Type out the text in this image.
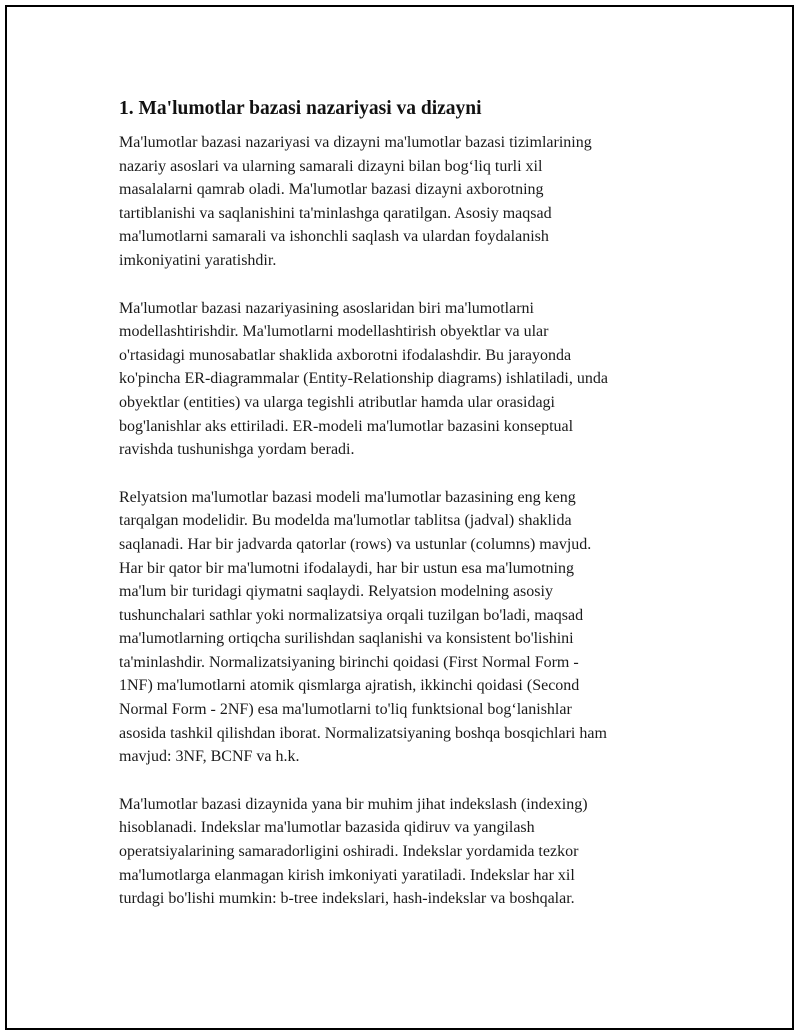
1. Ma'lumotlar bazasi nazariyasi va dizayni

Ma'lumotlar bazasi nazariyasi va dizayni ma'lumotlar bazasi tizimlarining
nazariy asoslari va ularning samarali dizayni bilan bog‘liq turli xil
masalalarni qamrab oladi. Ma'lumotlar bazasi dizayni axborotning
tartiblanishi va saqlanishini ta'minlashga qaratilgan. Asosiy maqsad
ma'lumotlarni samarali va ishonchli saqlash va ulardan foydalanish
imkoniyatini yaratishdir.

Ma'lumotlar bazasi nazariyasining asoslaridan biri ma'lumotlarni
modellashtirishdir. Ma'lumotlarni modellashtirish obyektlar va ular
o'rtasidagi munosabatlar shaklida axborotni ifodalashdir. Bu jarayonda
ko'pincha ER-diagrammalar (Entity-Relationship diagrams) ishlatiladi, unda
obyektlar (entities) va ularga tegishli atributlar hamda ular orasidagi
bog'lanishlar aks ettiriladi. ER-modeli ma'lumotlar bazasini konseptual
ravishda tushunishga yordam beradi.

Relyatsion ma'lumotlar bazasi modeli ma'lumotlar bazasining eng keng
tarqalgan modelidir. Bu modelda ma'lumotlar tablitsa (jadval) shaklida
saqlanadi. Har bir jadvarda qatorlar (rows) va ustunlar (columns) mavjud.
Har bir qator bir ma'lumotni ifodalaydi, har bir ustun esa ma'lumotning
ma'lum bir turidagi qiymatni saqlaydi. Relyatsion modelning asosiy
tushunchalari sathlar yoki normalizatsiya orqali tuzilgan bo'ladi, maqsad
ma'lumotlarning ortiqcha surilishdan saqlanishi va konsistent bo'lishini
ta'minlashdir. Normalizatsiyaning birinchi qoidasi (First Normal Form -
1NF) ma'lumotlarni atomik qismlarga ajratish, ikkinchi qoidasi (Second
Normal Form - 2NF) esa ma'lumotlarni to'liq funktsional bog‘lanishlar
asosida tashkil qilishdan iborat. Normalizatsiyaning boshqa bosqichlari ham
mavjud: 3NF, BCNF va h.k.

Ma'lumotlar bazasi dizaynida yana bir muhim jihat indekslash (indexing)
hisoblanadi. Indekslar ma'lumotlar bazasida qidiruv va yangilash
operatsiyalarining samaradorligini oshiradi. Indekslar yordamida tezkor
ma'lumotlarga elanmagan kirish imkoniyati yaratiladi. Indekslar har xil
turdagi bo'lishi mumkin: b-tree indekslari, hash-indekslar va boshqalar.
